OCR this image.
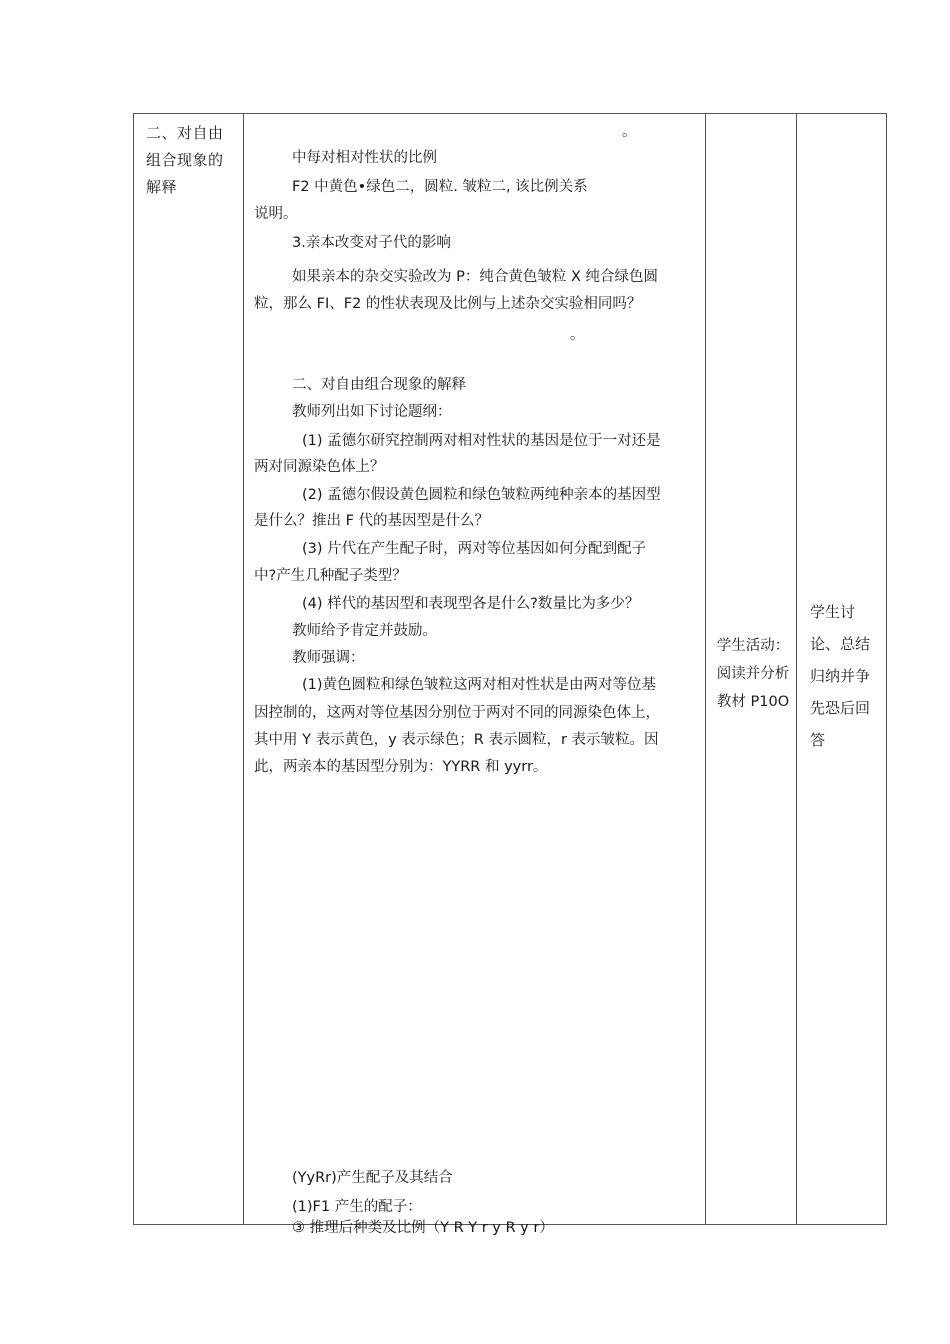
二、对自由
组合现象的
解释
。
中每对相对性状的比例
F2 中黄色•绿色二，圆粒. 皱粒二, 该比例关系
说明。
3.亲本改变对子代的影响
如果亲本的杂交实验改为 P：纯合黄色皱粒 X 纯合绿色圆
粒，那么 FI、F2 的性状表现及比例与上述杂交实验相同吗？
。
二、对自由组合现象的解释
教师列出如下讨论题纲：
(1) 孟德尔研究控制两对相对性状的基因是位于一对还是
两对同源染色体上？
(2) 孟德尔假设黄色圆粒和绿色皱粒两纯种亲本的基因型
是什么？推出 F 代的基因型是什么？
(3) 片代在产生配子时，两对等位基因如何分配到配子
中?产生几种配子类型？
(4) 样代的基因型和表现型各是什么?数量比为多少？
教师给予肯定并鼓励。
教师强调：
(1)黄色圆粒和绿色皱粒这两对相对性状是由两对等位基
因控制的，这两对等位基因分别位于两对不同的同源染色体上，
其中用 Y 表示黄色，y 表示绿色；R 表示圆粒，r 表示皱粒。因
此，两亲本的基因型分别为：YYRR 和 yyrr。
(YyRr)产生配子及其结合
(1)F1 产生的配子：
③ 推理后种类及比例（Y R Y r y R y r）
学生活动：
阅读并分析
教材 P10O
学生讨
论、总结
归纳并争
先恐后回
答
